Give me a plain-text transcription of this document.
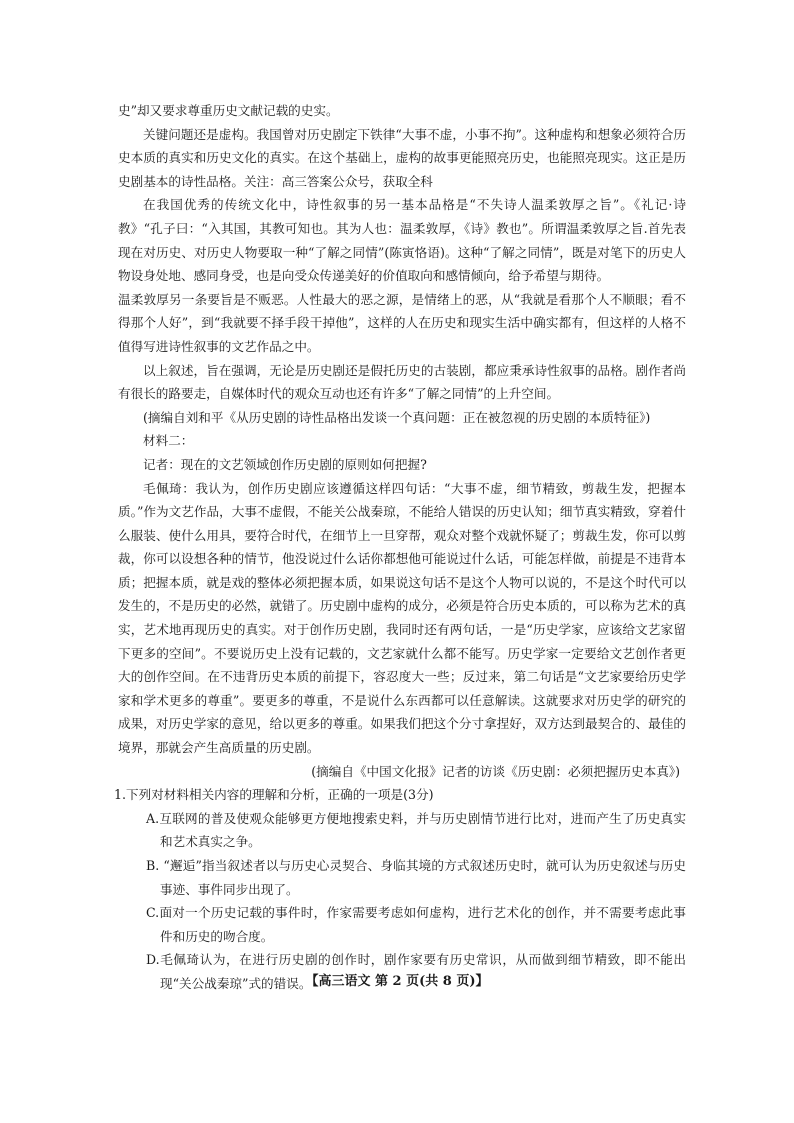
史”却又要求尊重历史文献记载的史实。

关键问题还是虚构。我国曾对历史剧定下铁律“大事不虚，小事不拘”。这种虚构和想象必须符合历史本质的真实和历史文化的真实。在这个基础上，虚构的故事更能照亮历史，也能照亮现实。这正是历史剧基本的诗性品格。关注：高三答案公众号，获取全科

在我国优秀的传统文化中，诗性叙事的另一基本品格是“不失诗人温柔敦厚之旨”。《礼记·诗教》“孔子曰：“入其国，其教可知也。其为人也：温柔敦厚，《诗》教也”。所谓温柔敦厚之旨.首先表现在对历史、对历史人物要取一种“了解之同情”(陈寅恪语)。这种“了解之同情”，既是对笔下的历史人物设身处地、感同身受，也是向受众传递美好的价值取向和感情倾向，给予希望与期待。

温柔敦厚另一条要旨是不贩恶。人性最大的恶之源，是情绪上的恶，从“我就是看那个人不顺眼；看不得那个人好”，到“我就要不择手段干掉他”，这样的人在历史和现实生活中确实都有，但这样的人格不值得写进诗性叙事的文艺作品之中。

以上叙述，旨在强调，无论是历史剧还是假托历史的古装剧，都应秉承诗性叙事的品格。剧作者尚有很长的路要走，自媒体时代的观众互动也还有许多“了解之同情”的上升空间。

(摘编自刘和平《从历史剧的诗性品格出发谈一个真问题：正在被忽视的历史剧的本质特征》)

材料二：

记者：现在的文艺领域创作历史剧的原则如何把握?

毛佩琦：我认为，创作历史剧应该遵循这样四句话：“大事不虚，细节精致，剪裁生发，把握本质。”作为文艺作品，大事不虚假，不能关公战秦琼，不能给人错误的历史认知；细节真实精致，穿着什么服装、使什么用具，要符合时代，在细节上一旦穿帮，观众对整个戏就怀疑了；剪裁生发，你可以剪裁，你可以设想各种的情节，他没说过什么话你都想他可能说过什么话，可能怎样做，前提是不违背本质；把握本质，就是戏的整体必须把握本质，如果说这句话不是这个人物可以说的，不是这个时代可以发生的，不是历史的必然，就错了。历史剧中虚构的成分，必须是符合历史本质的，可以称为艺术的真实，艺术地再现历史的真实。对于创作历史剧，我同时还有两句话，一是“历史学家，应该给文艺家留下更多的空间”。不要说历史上没有记载的，文艺家就什么都不能写。历史学家一定要给文艺创作者更大的创作空间。在不违背历史本质的前提下，容忍度大一些；反过来，第二句话是“文艺家要给历史学家和学术更多的尊重”。要更多的尊重，不是说什么东西都可以任意解读。这就要求对历史学的研究的成果，对历史学家的意见，给以更多的尊重。如果我们把这个分寸拿捏好，双方达到最契合的、最佳的境界，那就会产生高质量的历史剧。

(摘编自《中国文化报》记者的访谈《历史剧：必须把握历史本真》)

1.下列对材料相关内容的理解和分析，正确的一项是(3分)

A.互联网的普及使观众能够更方便地搜索史料，并与历史剧情节进行比对，进而产生了历史真实和艺术真实之争。

B. “邂逅”指当叙述者以与历史心灵契合、身临其境的方式叙述历史时，就可认为历史叙述与历史事迹、事件同步出现了。

C.面对一个历史记载的事件时，作家需要考虑如何虚构，进行艺术化的创作，并不需要考虑此事件和历史的吻合度。

D.毛佩琦认为，在进行历史剧的创作时，剧作家要有历史常识，从而做到细节精致，即不能出现“关公战秦琼”式的错误。

【高三语文 第 2 页(共 8 页)】
